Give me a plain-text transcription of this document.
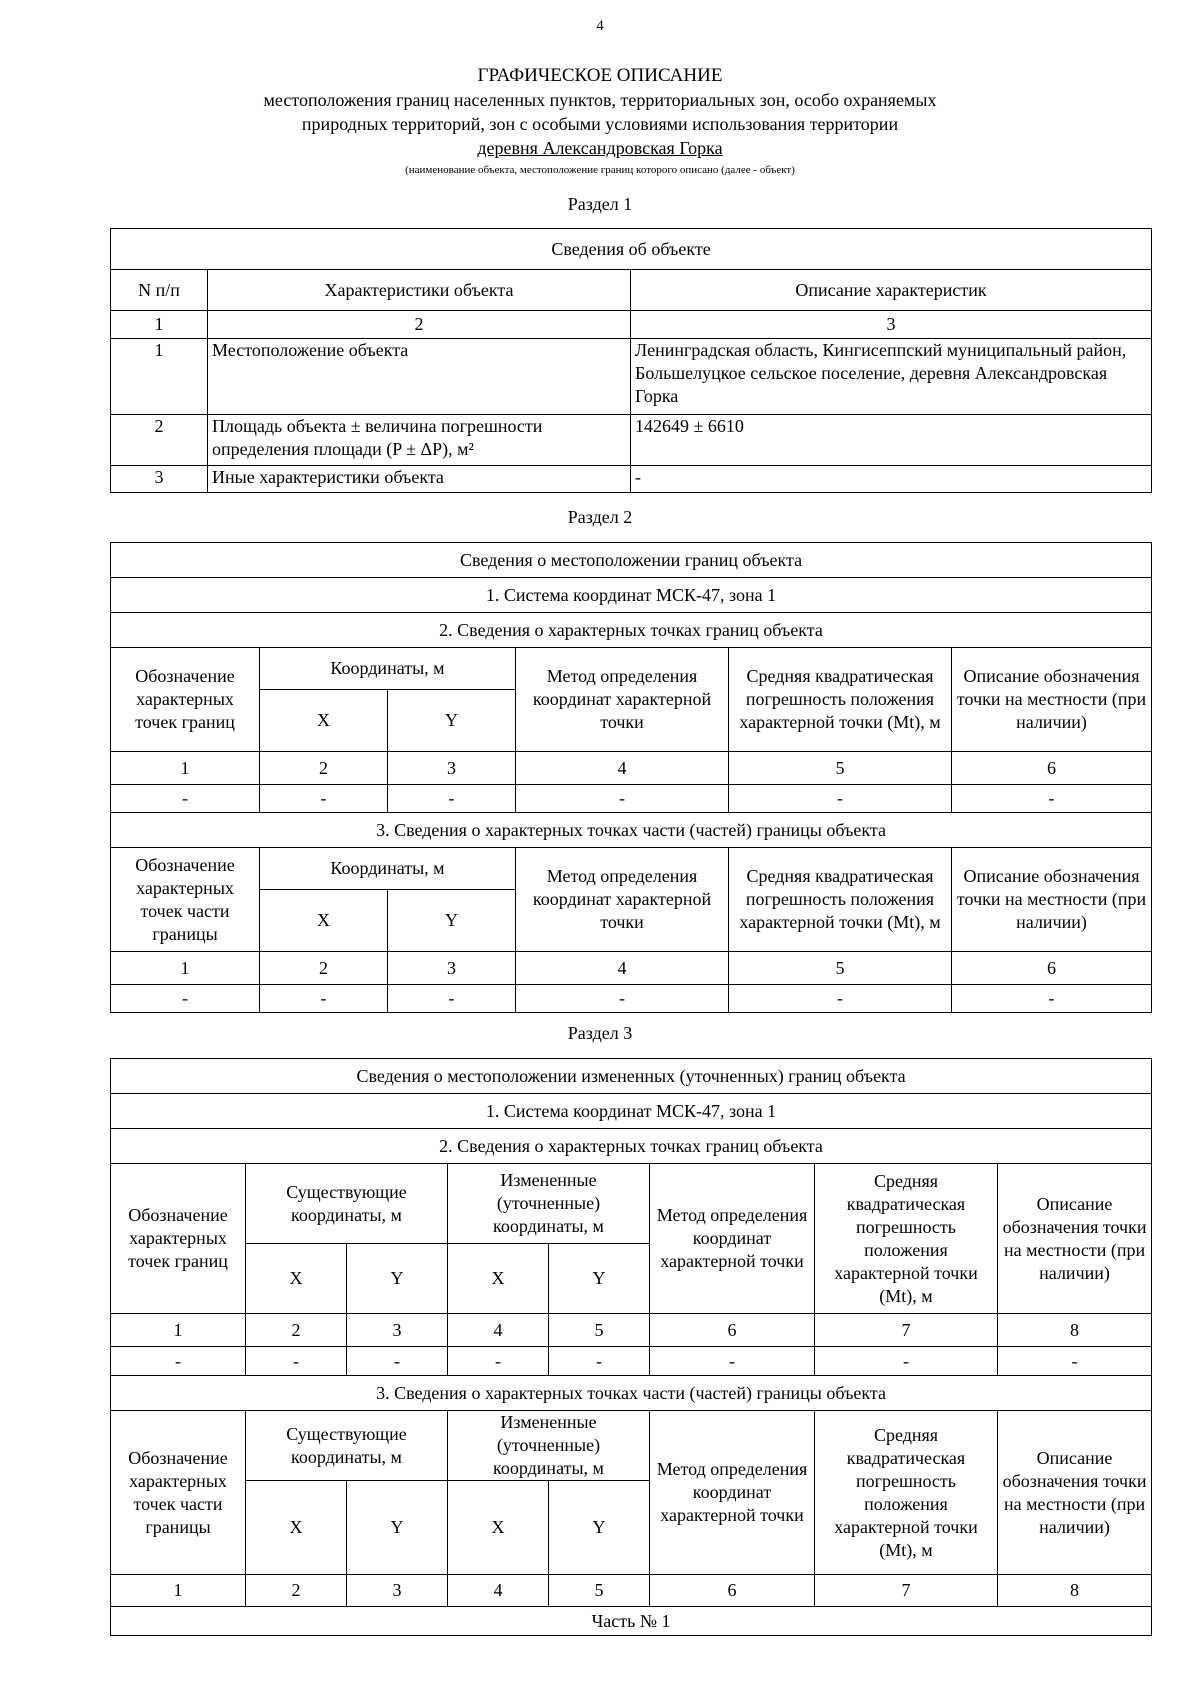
4
ГРАФИЧЕСКОЕ ОПИСАНИЕ
местоположения границ населенных пунктов, территориальных зон, особо охраняемых
природных территорий, зон с особыми условиями использования территории
деревня Александровская Горка
(наименование объекта, местоположение границ которого описано (далее - объект)
Раздел 1
Сведения об объекте		
N п/п	Характеристики объекта	Описание характеристик
1	2	3
1	Местоположение объекта	Ленинградская область, Кингисеппский муниципальный район, Большелуцкое сельское поселение, деревня Александровская Горка
2	Площадь объекта ± величина погрешности определения площади (P ± ΔP), м²	142649 ± 6610
3	Иные характеристики объекта	-
Раздел 2
Сведения о местоположении границ объекта					
1. Система координат МСК-47, зона 1					
2. Сведения о характерных точках границ объекта					
Обозначение характерных точек границ	Координаты, м		Метод определения координат характерной точки	Средняя квадратическая погрешность положения характерной точки (Mt), м	Описание обозначения точки на местности (при наличии)
	X	Y			
1	2	3	4	5	6
-	-	-	-	-	-
3. Сведения о характерных точках части (частей) границы объекта					
Обозначение характерных точек части границы	Координаты, м		Метод определения координат характерной точки	Средняя квадратическая погрешность положения характерной точки (Mt), м	Описание обозначения точки на местности (при наличии)
	X	Y			
1	2	3	4	5	6
-	-	-	-	-	-
Раздел 3
Сведения о местоположении измененных (уточненных) границ объекта							
1. Система координат МСК-47, зона 1							
2. Сведения о характерных точках границ объекта							
Обозначение характерных точек границ	Существующие координаты, м		Измененные (уточненные) координаты, м		Метод определения координат характерной точки	Средняя квадратическая погрешность положения характерной точки (Mt), м	Описание обозначения точки на местности (при наличии)
	X	Y	X	Y			
1	2	3	4	5	6	7	8
-	-	-	-	-	-	-	-
3. Сведения о характерных точках части (частей) границы объекта							
Обозначение характерных точек части границы	Существующие координаты, м		Измененные (уточненные) координаты, м		Метод определения координат характерной точки	Средняя квадратическая погрешность положения характерной точки (Mt), м	Описание обозначения точки на местности (при наличии)
	X	Y	X	Y			
1	2	3	4	5	6	7	8
Часть № 1							
